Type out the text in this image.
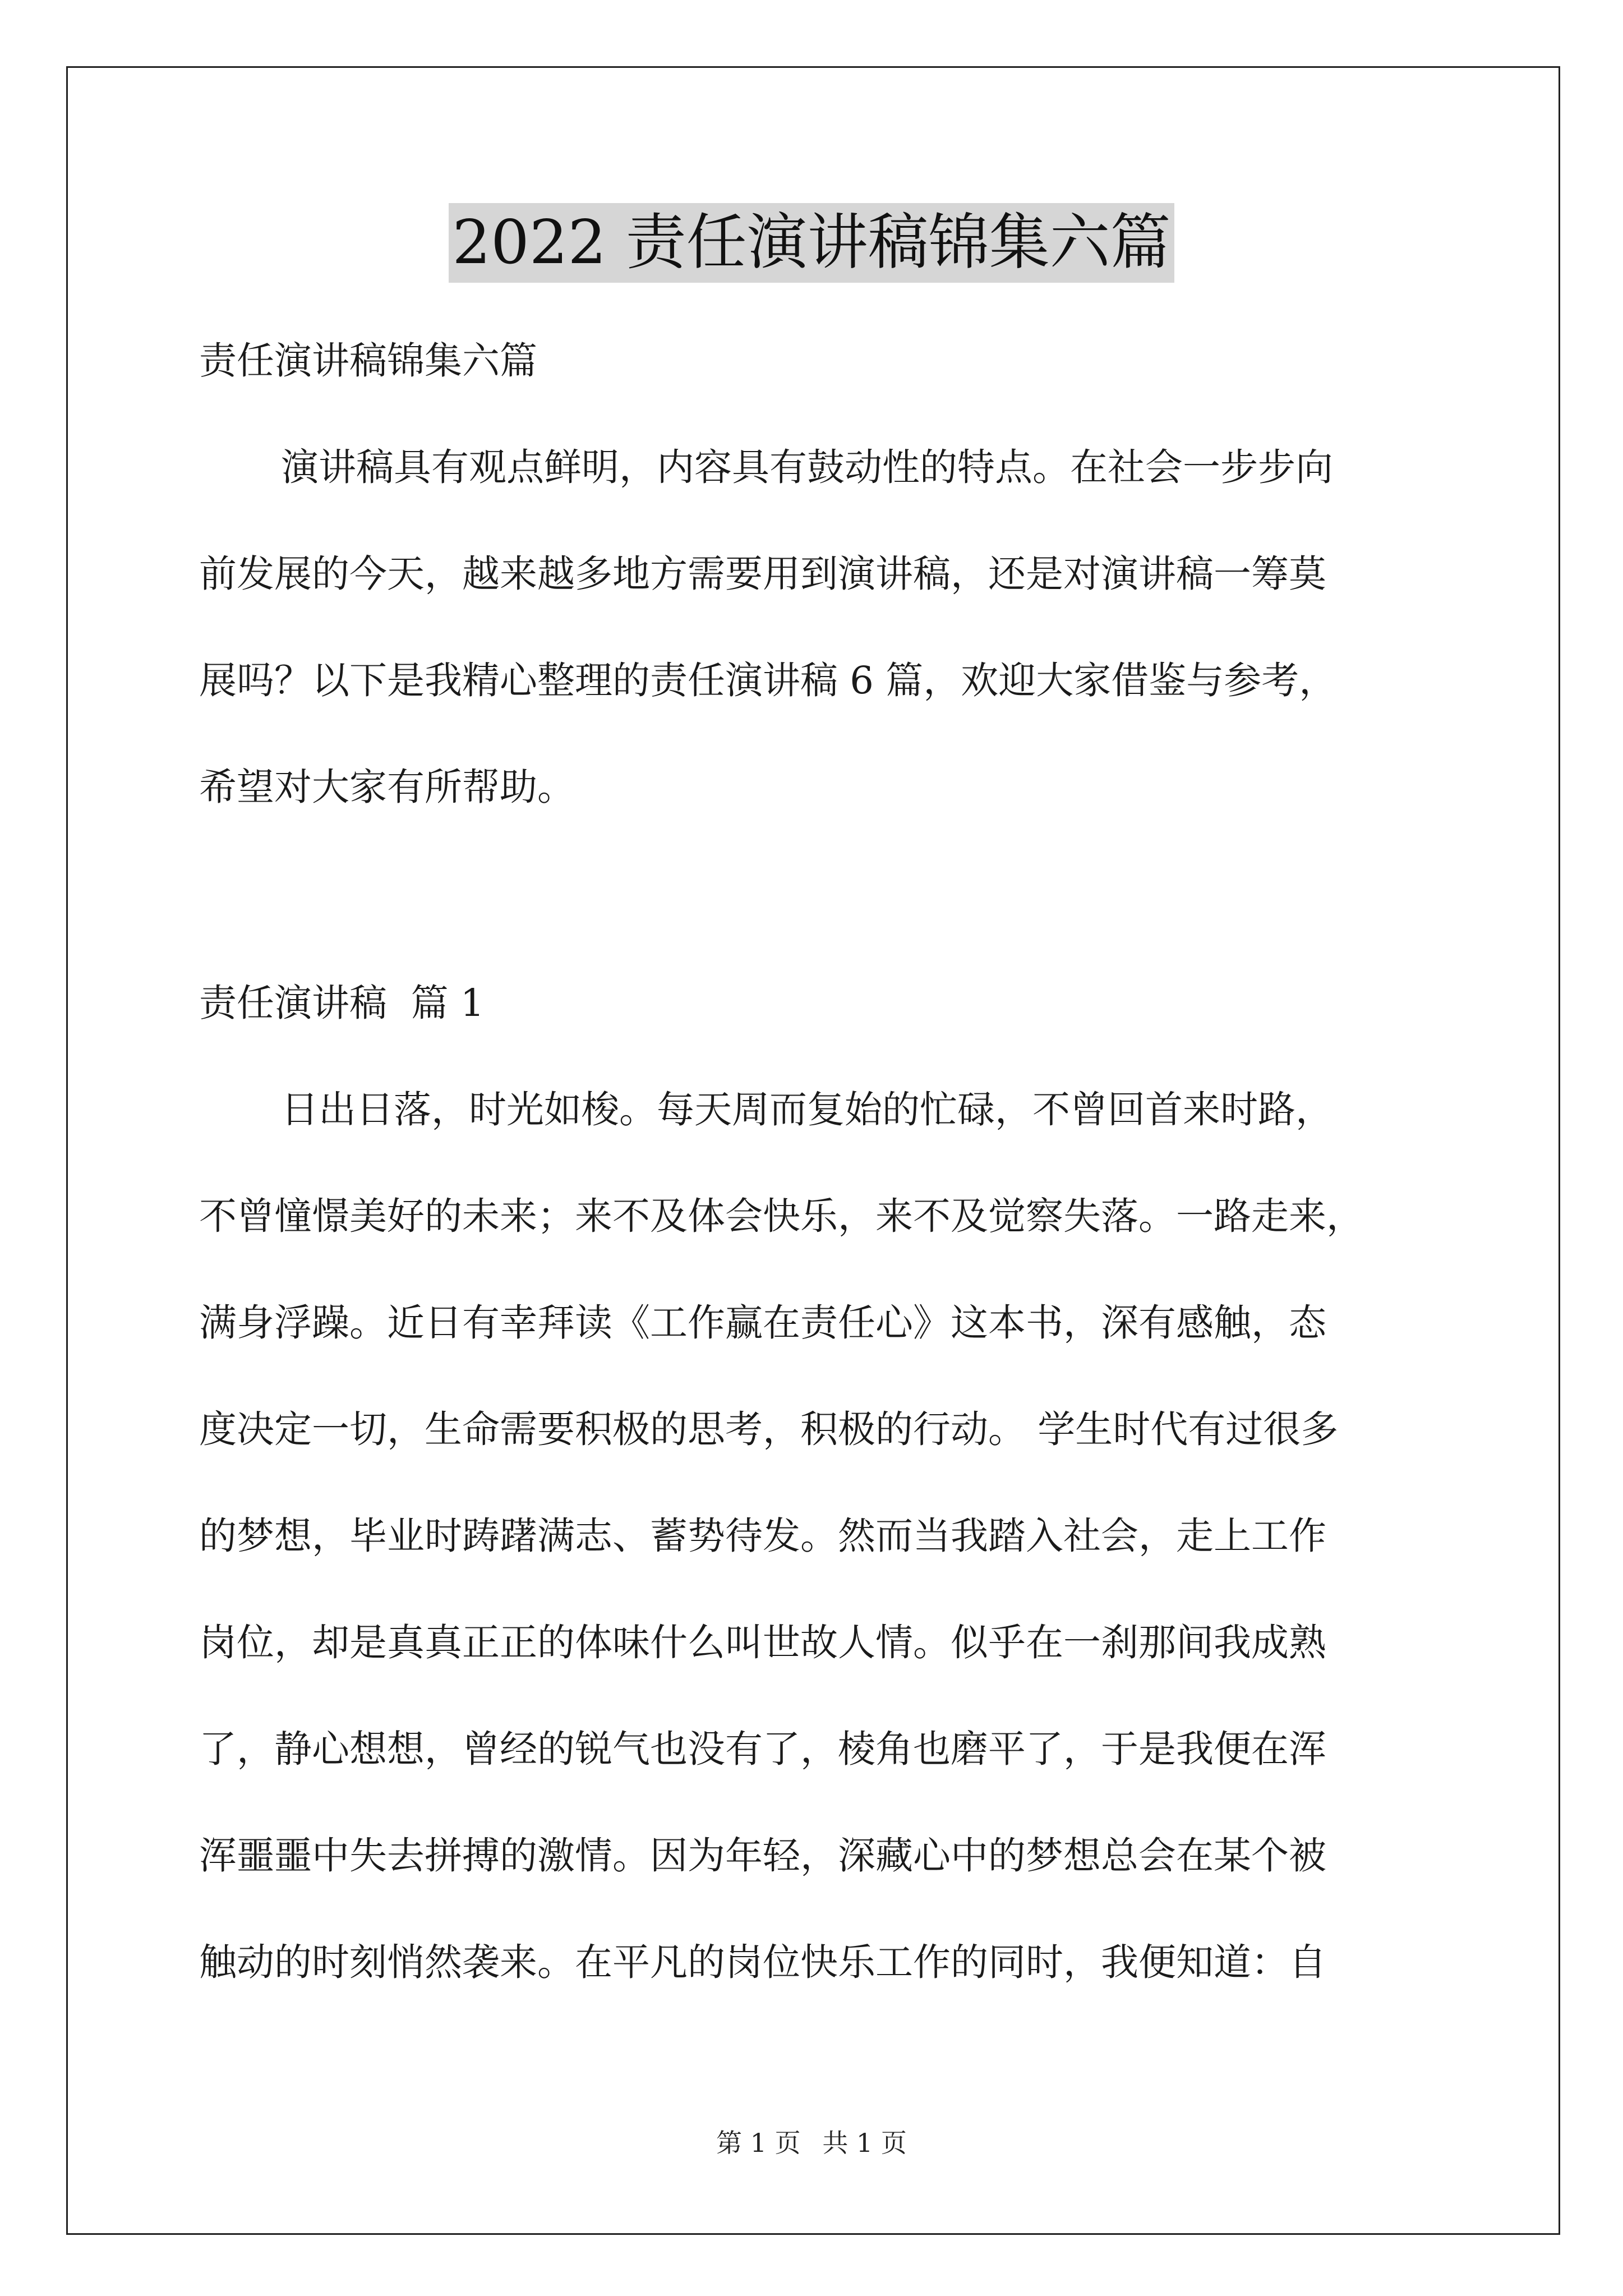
2022 责任演讲稿锦集六篇
责任演讲稿锦集六篇
演讲稿具有观点鲜明，内容具有鼓动性的特点。在社会一步步向
前发展的今天，越来越多地方需要用到演讲稿，还是对演讲稿一筹莫
展吗？以下是我精心整理的责任演讲稿 6 篇，欢迎大家借鉴与参考，
希望对大家有所帮助。
责任演讲稿  篇 1
日出日落，时光如梭。每天周而复始的忙碌，不曾回首来时路，
不曾憧憬美好的未来；来不及体会快乐，来不及觉察失落。一路走来，
满身浮躁。近日有幸拜读《工作赢在责任心》这本书，深有感触，态
度决定一切，生命需要积极的思考，积极的行动。 学生时代有过很多
的梦想，毕业时踌躇满志、蓄势待发。然而当我踏入社会，走上工作
岗位，却是真真正正的体味什么叫世故人情。似乎在一刹那间我成熟
了，静心想想，曾经的锐气也没有了，棱角也磨平了，于是我便在浑
浑噩噩中失去拼搏的激情。因为年轻，深藏心中的梦想总会在某个被
触动的时刻悄然袭来。在平凡的岗位快乐工作的同时，我便知道：自
第 1 页 共 1 页
